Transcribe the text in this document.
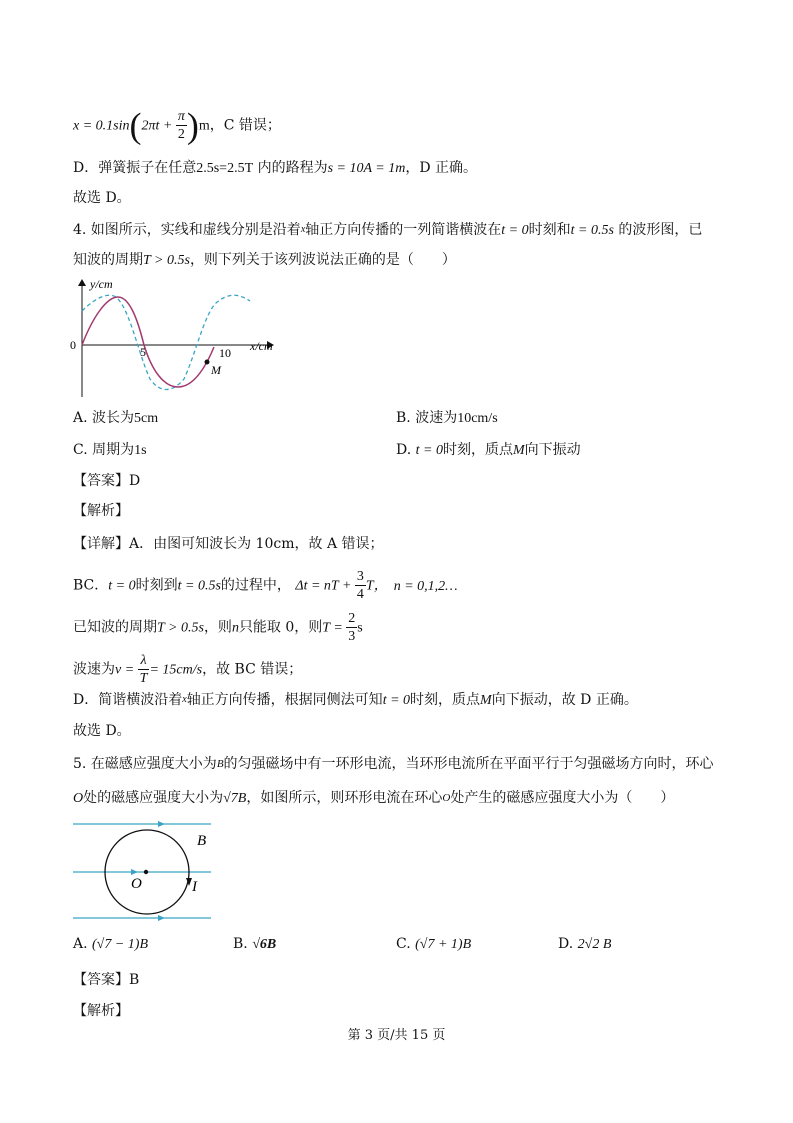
$x = 0.1\sin(2\pi t + \frac{\pi}{2} )m$，C 错误；
D．弹簧振子在任意2.5s=2.5T 内的路程为s = 10A = 1m，D 正确。
故选 D。
4. 如图所示，实线和虚线分别是沿着$^x$轴正方向传播的一列简谐横波在t = 0时刻和t = 0.5s 的波形图，已
知波的周期T > 0.5s，则下列关于该列波说法正确的是（　　）
y/cm
x/cm
0	5	10
M
A. 波长为5cm	B. 波速为10cm/s
C. 周期为1s	D. t = 0时刻，质点M向下振动
【答案】D
【解析】
【详解】A．由图可知波长为 10cm，故 A 错误；
BC．t = 0时刻到t = 0.5s的过程中， Δt = nT + $\frac{3}{4}$ T， n = 0,1,2…
已知波的周期T > 0.5s，则n只能取 0，则$T = \frac{2}{3}$ s
波速为$v = \frac{\lambda}{T} = 15cm/s$，故 BC 错误；
D．简谐横波沿着$^x$轴正方向传播，根据同侧法可知t = 0时刻，质点M向下振动，故 D 正确。
故选 D。
5. 在磁感应强度大小为$^B$的匀强磁场中有一环形电流，当环形电流所在平面平行于匀强磁场方向时，环心
O处的磁感应强度大小为√7B，如图所示，则环形电流在环心$^O$处产生的磁感应强度大小为（　　）
B
O	I
A. (√7 − 1)B	B. √6B	C. (√7 + 1)B	D. 2√2 B
【答案】B
【解析】
第 3 页/共 15 页
